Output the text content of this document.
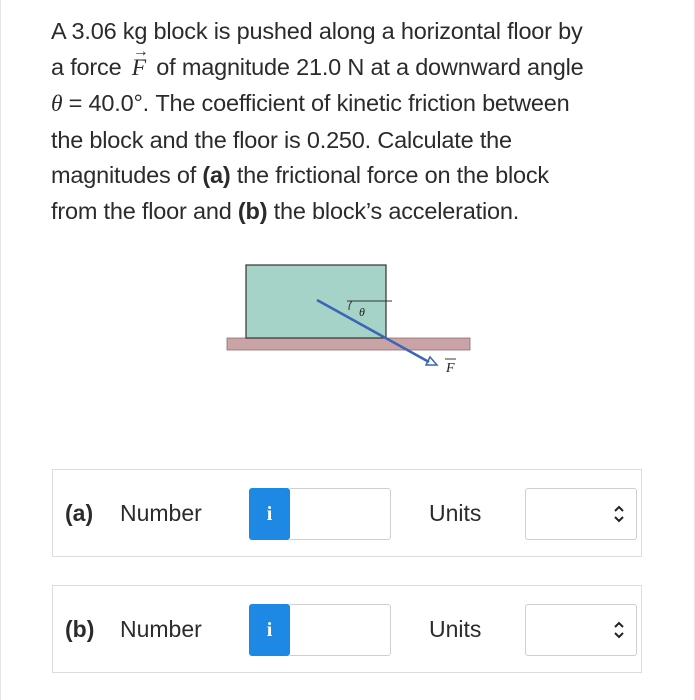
A 3.06 kg block is pushed along a horizontal floor by
a force → F of magnitude 21.0 N at a downward angle
θ = 40.0°. The coefficient of kinetic friction between
the block and the floor is 0.250. Calculate the
magnitudes of (a) the frictional force on the block
from the floor and (b) the block’s acceleration.
θ
F
(a) Number	i	Units
(b) Number	i	Units
